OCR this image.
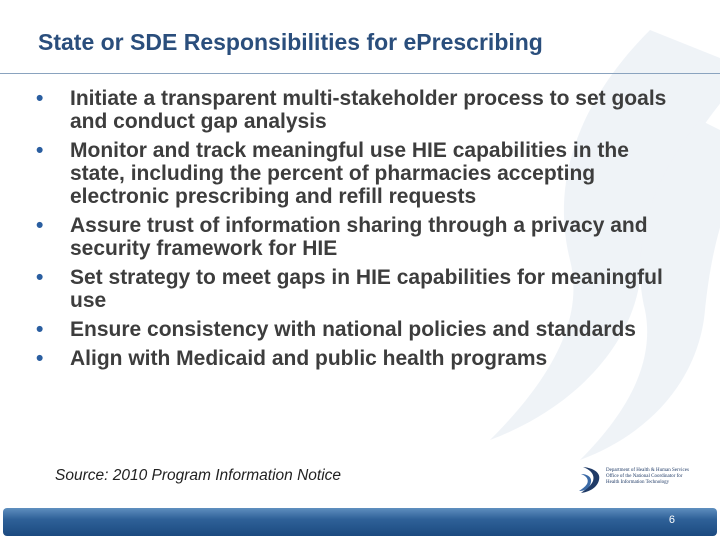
State or SDE Responsibilities for ePrescribing
• Initiate a transparent multi-stakeholder process to set goals and conduct gap analysis
• Monitor and track meaningful use HIE capabilities in the state, including the percent of pharmacies accepting electronic prescribing and refill requests
• Assure trust of information sharing through a privacy and security framework for HIE
• Set strategy to meet gaps in HIE capabilities for meaningful use
• Ensure consistency with national policies and standards
• Align with Medicaid and public health programs
Source: 2010 Program Information Notice	Department of Health & Human Services
Office of the National Coordinator for
Health Information Technology
6
